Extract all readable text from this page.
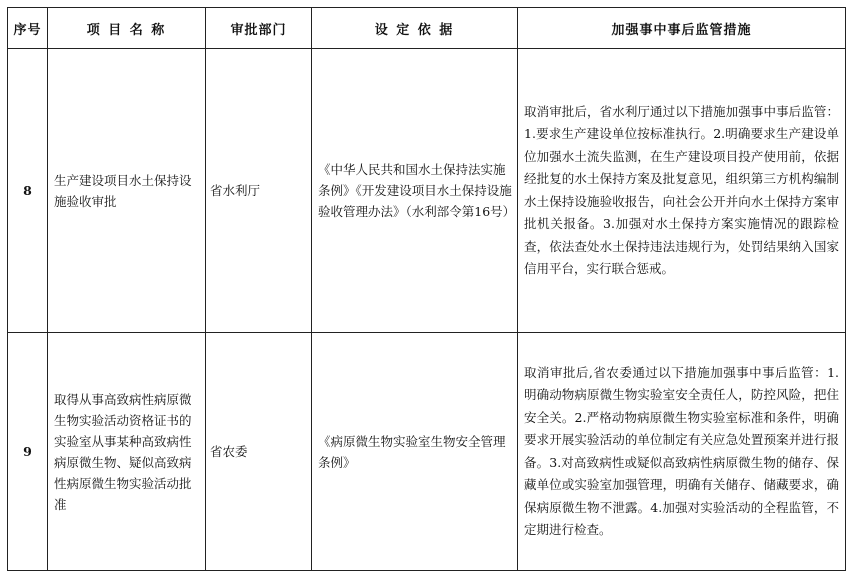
序号	项 目 名 称	审批部门	设 定 依 据	加强事中事后监管措施
8	生产建设项目水土保持设施验收审批	省水利厅	《中华人民共和国水土保持法实施条例》《开发建设项目水土保持设施验收管理办法》（水利部令第16号）	取消审批后，省水利厅通过以下措施加强事中事后监管：1.要求生产建设单位按标准执行。2.明确要求生产建设单位加强水土流失监测，在生产建设项目投产使用前，依据经批复的水土保持方案及批复意见，组织第三方机构编制水土保持设施验收报告，向社会公开并向水土保持方案审批机关报备。3.加强对水土保持方案实施情况的跟踪检查，依法查处水土保持违法违规行为，处罚结果纳入国家信用平台，实行联合惩戒。
9	取得从事高致病性病原微生物实验活动资格证书的实验室从事某种高致病性病原微生物、疑似高致病性病原微生物实验活动批准	省农委	《病原微生物实验室生物安全管理条例》	取消审批后,省农委通过以下措施加强事中事后监管：1.明确动物病原微生物实验室安全责任人，防控风险，把住安全关。2.严格动物病原微生物实验室标准和条件，明确要求开展实验活动的单位制定有关应急处置预案并进行报备。3.对高致病性或疑似高致病性病原微生物的储存、保藏单位或实验室加强管理，明确有关储存、储藏要求，确保病原微生物不泄露。4.加强对实验活动的全程监管，不定期进行检查。
